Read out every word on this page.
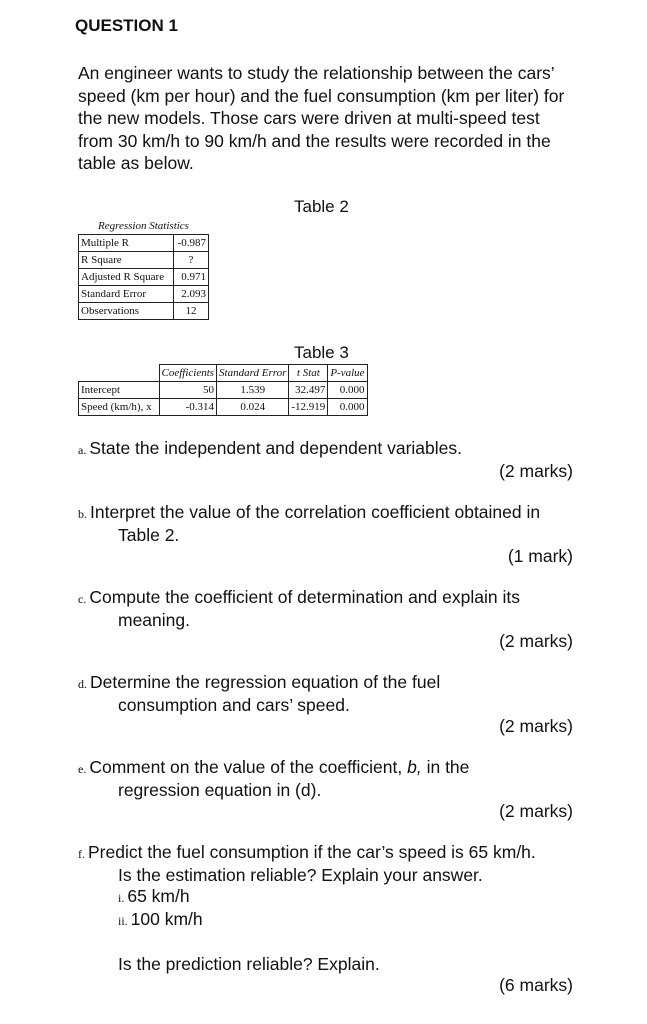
QUESTION 1
An engineer wants to study the relationship between the cars’ speed (km per hour) and the fuel consumption (km per liter) for the new models. Those cars were driven at multi-speed test from 30 km/h to 90 km/h and the results were recorded in the table as below.
Table 2
Regression Statistics	
Multiple R	-0.987
R Square	?
Adjusted R Square	0.971
Standard Error	2.093
Observations	12
Table 3
	Coefficients	Standard Error	t Stat	P-value
Intercept	50	1.539	32.497	0.000
Speed (km/h), x	-0.314	0.024	-12.919	0.000
a. State the independent and dependent variables.
(2 marks)
b. Interpret the value of the correlation coefficient obtained in
Table 2.
(1 mark)
c. Compute the coefficient of determination and explain its
meaning.
(2 marks)
d. Determine the regression equation of the fuel
consumption and cars’ speed.
(2 marks)
e. Comment on the value of the coefficient, b, in the
regression equation in (d).
(2 marks)
f. Predict the fuel consumption if the car’s speed is 65 km/h.
Is the estimation reliable? Explain your answer.
i. 65 km/h
ii. 100 km/h
Is the prediction reliable? Explain.
(6 marks)
